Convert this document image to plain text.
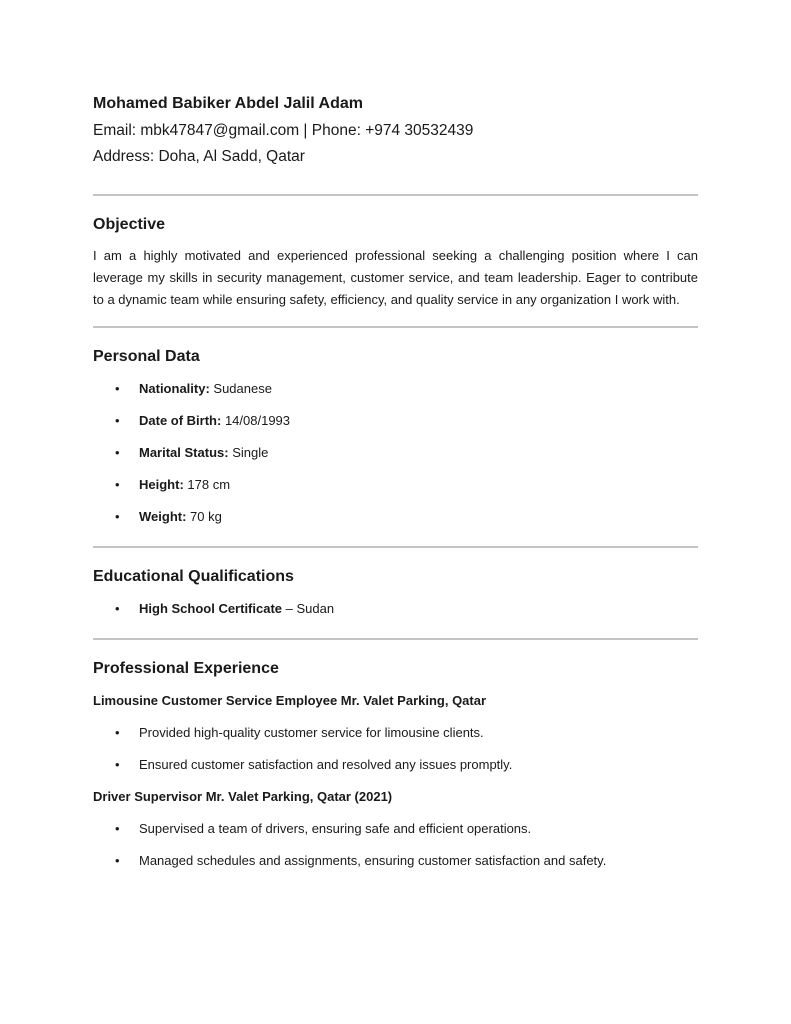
Mohamed Babiker Abdel Jalil Adam

Email: mbk47847@gmail.com | Phone: +974 30532439

Address: Doha, Al Sadd, Qatar

Objective

I am a highly motivated and experienced professional seeking a challenging position where I can leverage my skills in security management, customer service, and team leadership. Eager to contribute to a dynamic team while ensuring safety, efficiency, and quality service in any organization I work with.

Personal Data

• Nationality: Sudanese
• Date of Birth: 14/08/1993
• Marital Status: Single
• Height: 178 cm
• Weight: 70 kg

Educational Qualifications

• High School Certificate – Sudan

Professional Experience

Limousine Customer Service Employee Mr. Valet Parking, Qatar

• Provided high-quality customer service for limousine clients.
• Ensured customer satisfaction and resolved any issues promptly.

Driver Supervisor Mr. Valet Parking, Qatar (2021)

• Supervised a team of drivers, ensuring safe and efficient operations.
• Managed schedules and assignments, ensuring customer satisfaction and safety.
